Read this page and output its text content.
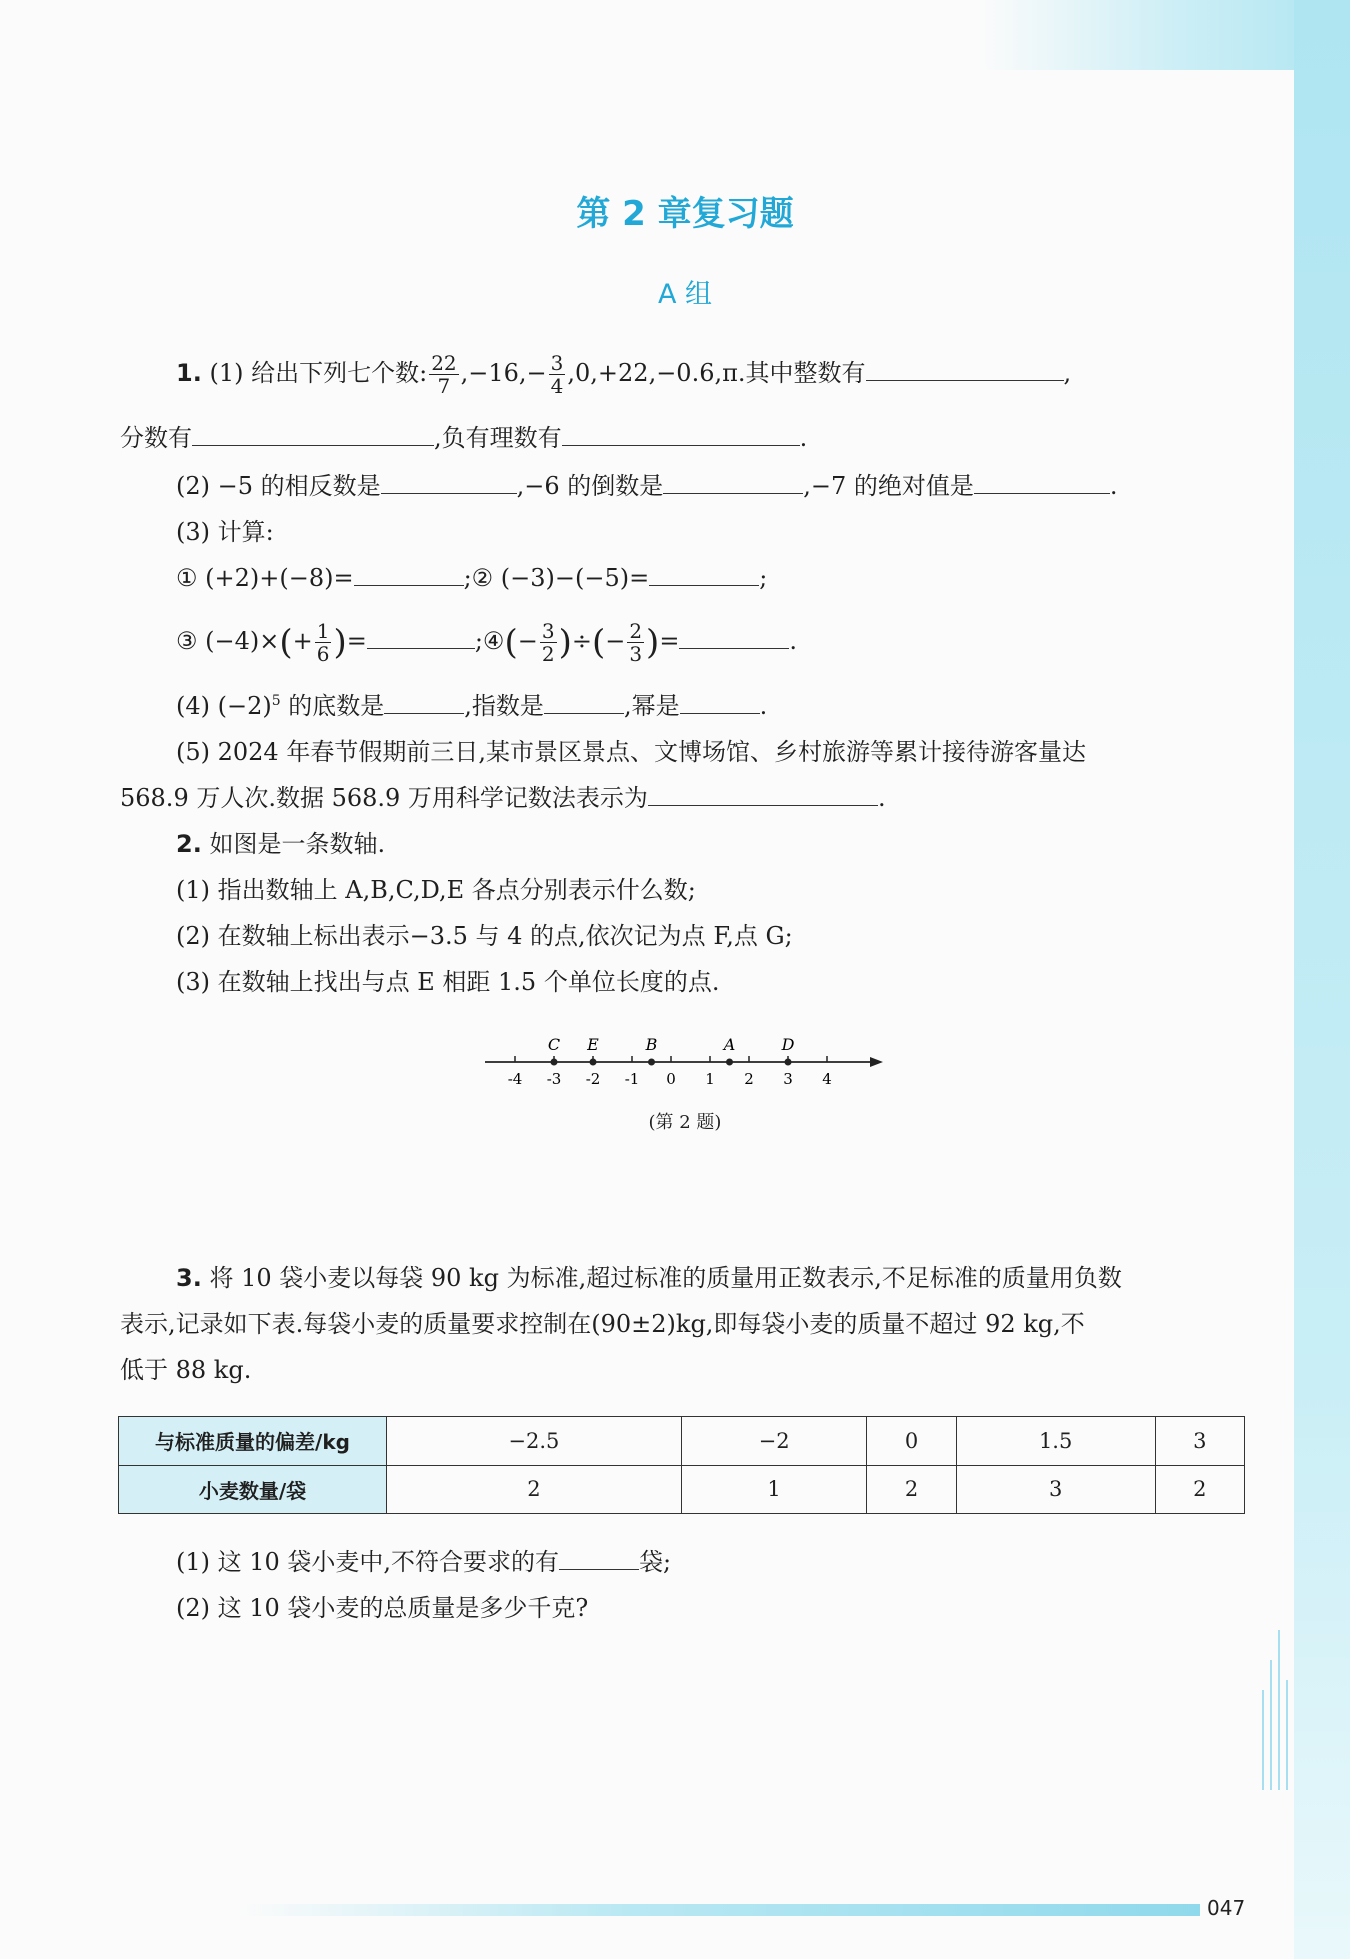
047
第 2 章复习题
A 组
1. (1) 给出下列七个数: $\frac{22}{7} ,-16,- \frac{3}{4} ,0,+22,-0.6,\pi$.其中整数有	,
分数有	,负有理数有	.
(2) −5 的相反数是	,−6 的倒数是	,−7 的绝对值是	.
(3) 计算:
① (+2)+(−8)=	;② (−3)−(−5)=	;
③ $(-4)\times(+ \frac{1}{6}$ )=	;④(− $\frac{3}{2}$ )÷(− $\frac{2}{3}$ )=	.
(4) $(-2)^5$ 的底数是	,指数是	,幂是	.
(5) 2024 年春节假期前三日,某市景区景点、文博场馆、乡村旅游等累计接待游客量达
568.9 万人次.数据 568.9 万用科学记数法表示为	.
2. 如图是一条数轴.
(1) 指出数轴上 A,B,C,D,E 各点分别表示什么数;
(2) 在数轴上标出表示−3.5 与 4 的点,依次记为点 F,点 G;
(3) 在数轴上找出与点 E 相距 1.5 个单位长度的点.
-4 -3 -2 -1 0 1 2 3 4
C E	B	A	D
(第 2 题)
3. 将 10 袋小麦以每袋 90 kg 为标准,超过标准的质量用正数表示,不足标准的质量用负数
表示,记录如下表.每袋小麦的质量要求控制在(90±2)kg,即每袋小麦的质量不超过 92 kg,不
低于 88 kg.
与标准质量的偏差/kg	−2.5	−2	0	1.5	3
小麦数量/袋	2	1	2	3	2
(1) 这 10 袋小麦中,不符合要求的有	袋;
(2) 这 10 袋小麦的总质量是多少千克?
